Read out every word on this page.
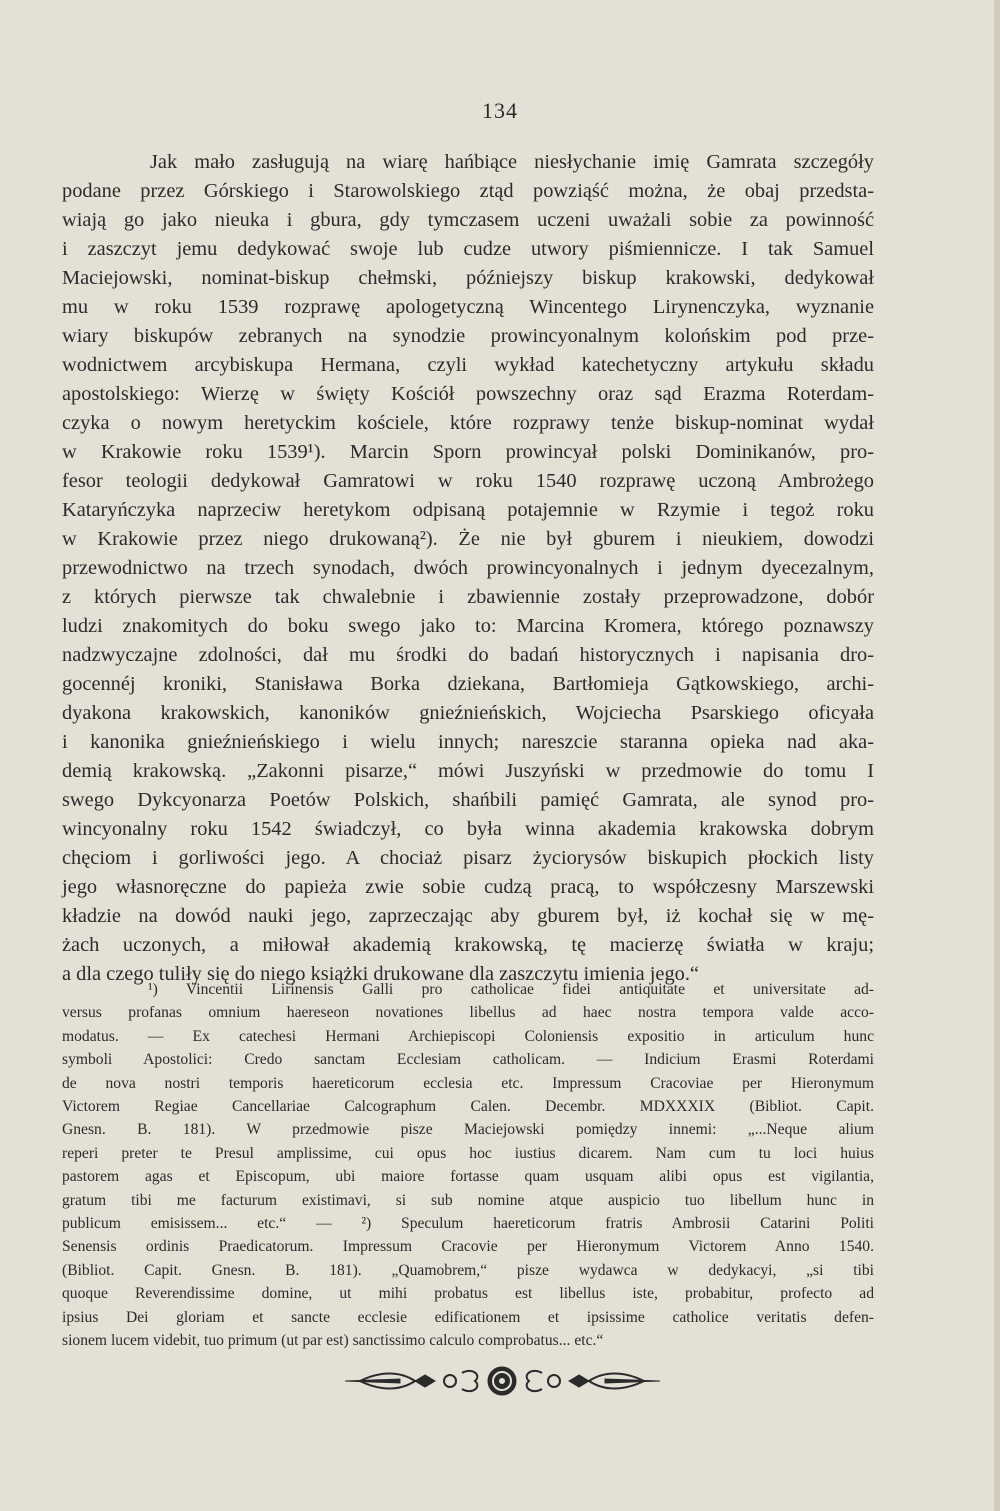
134
Jak mało zasługują na wiarę hańbiące niesłychanie imię Gamrata szczegóły
podane przez Górskiego i Starowolskiego ztąd powziąść można, że obaj przedsta-
wiają go jako nieuka i gbura, gdy tymczasem uczeni uważali sobie za powinność
i zaszczyt jemu dedykować swoje lub cudze utwory piśmiennicze. I tak Samuel
Maciejowski, nominat-biskup chełmski, późniejszy biskup krakowski, dedykował
mu w roku 1539 rozprawę apologetyczną Wincentego Lirynenczyka, wyznanie
wiary biskupów zebranych na synodzie prowincyonalnym kolońskim pod prze-
wodnictwem arcybiskupa Hermana, czyli wykład katechetyczny artykułu składu
apostolskiego: Wierzę w święty Kościół powszechny oraz sąd Erazma Roterdam-
czyka o nowym heretyckim kościele, które rozprawy tenże biskup-nominat wydał
w Krakowie roku 1539¹). Marcin Sporn prowincyał polski Dominikanów, pro-
fesor teologii dedykował Gamratowi w roku 1540 rozprawę uczoną Ambrożego
Kataryńczyka naprzeciw heretykom odpisaną potajemnie w Rzymie i tegoż roku
w Krakowie przez niego drukowaną²). Że nie był gburem i nieukiem, dowodzi
przewodnictwo na trzech synodach, dwóch prowincyonalnych i jednym dyecezalnym,
z których pierwsze tak chwalebnie i zbawiennie zostały przeprowadzone, dobór
ludzi znakomitych do boku swego jako to: Marcina Kromera, którego poznawszy
nadzwyczajne zdolności, dał mu środki do badań historycznych i napisania dro-
gocennéj kroniki, Stanisława Borka dziekana, Bartłomieja Gątkowskiego, archi-
dyakona krakowskich, kanoników gnieźnieńskich, Wojciecha Psarskiego oficyała
i kanonika gnieźnieńskiego i wielu innych; nareszcie staranna opieka nad aka-
demią krakowską. „Zakonni pisarze,“ mówi Juszyński w przedmowie do tomu I
swego Dykcyonarza Poetów Polskich, shańbili pamięć Gamrata, ale synod pro-
wincyonalny roku 1542 świadczył, co była winna akademia krakowska dobrym
chęciom i gorliwości jego. A chociaż pisarz życiorysów biskupich płockich listy
jego własnoręczne do papieża zwie sobie cudzą pracą, to współczesny Marszewski
kładzie na dowód nauki jego, zaprzeczając aby gburem był, iż kochał się w mę-
żach uczonych, a miłował akademią krakowską, tę macierzę światła w kraju;
a dla czego tuliły się do niego książki drukowane dla zaszczytu imienia jego.“
¹) Vincentii Lirinensis Galli pro catholicae fidei antiquitate et universitate ad-
versus profanas omnium haereseon novationes libellus ad haec nostra tempora valde acco-
modatus. — Ex catechesi Hermani Archiepiscopi Coloniensis expositio in articulum hunc
symboli Apostolici: Credo sanctam Ecclesiam catholicam. — Indicium Erasmi Roterdami
de nova nostri temporis haereticorum ecclesia etc. Impressum Cracoviae per Hieronymum
Victorem Regiae Cancellariae Calcographum Calen. Decembr. MDXXXIX (Bibliot. Capit.
Gnesn. B. 181). W przedmowie pisze Maciejowski pomiędzy innemi: „...Neque alium
reperi preter te Presul amplissime, cui opus hoc iustius dicarem. Nam cum tu loci huius
pastorem agas et Episcopum, ubi maiore fortasse quam usquam alibi opus est vigilantia,
gratum tibi me facturum existimavi, si sub nomine atque auspicio tuo libellum hunc in
publicum emisissem... etc.“ — ²) Speculum haereticorum fratris Ambrosii Catarini Politi
Senensis ordinis Praedicatorum. Impressum Cracovie per Hieronymum Victorem Anno 1540.
(Bibliot. Capit. Gnesn. B. 181). „Quamobrem,“ pisze wydawca w dedykacyi, „si tibi
quoque Reverendissime domine, ut mihi probatus est libellus iste, probabitur, profecto ad
ipsius Dei gloriam et sancte ecclesie edificationem et ipsissime catholice veritatis defen-
sionem lucem videbit, tuo primum (ut par est) sanctissimo calculo comprobatus... etc.“
